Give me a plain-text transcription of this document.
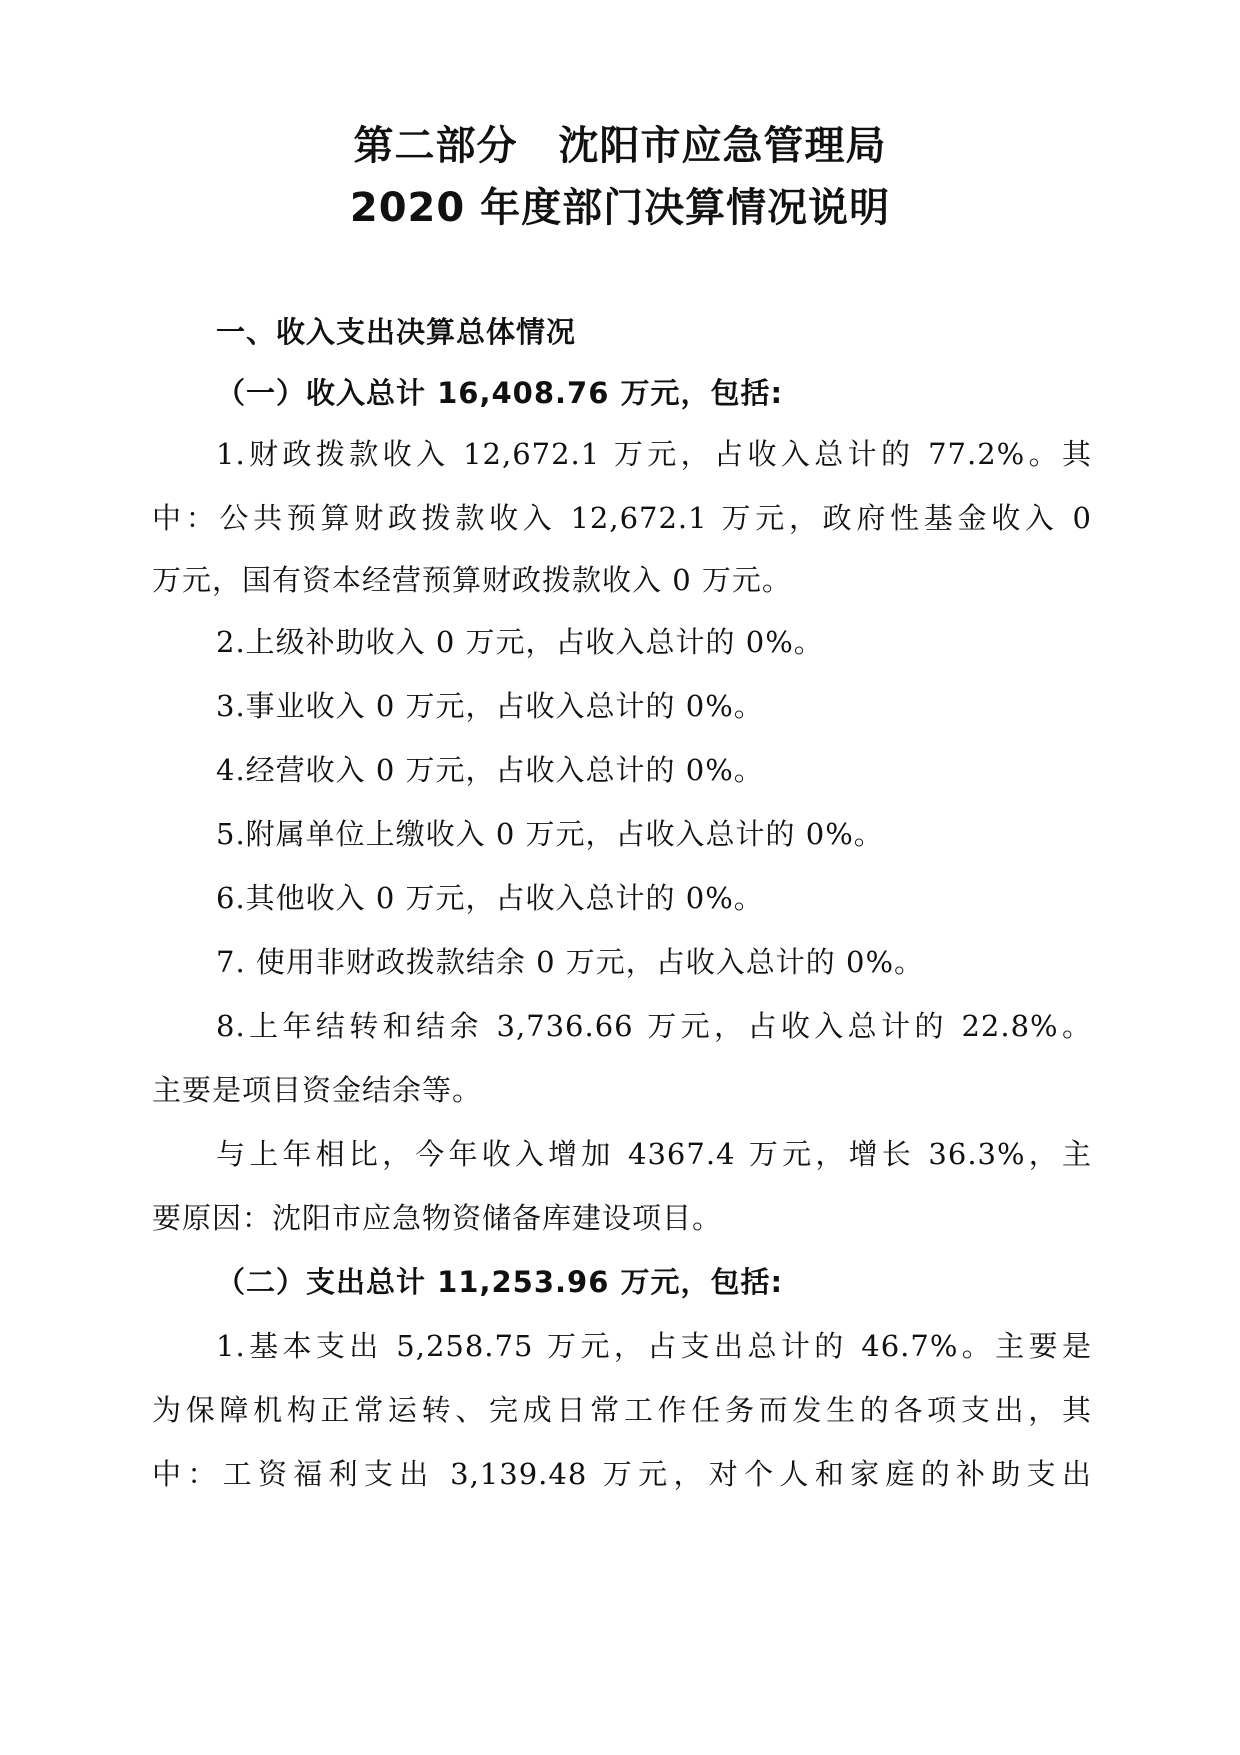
第二部分　沈阳市应急管理局
2020 年度部门决算情况说明
一、收入支出决算总体情况
（一）收入总计 16,408.76 万元，包括:
1.财政拨款收入 12,672.1 万元，占收入总计的 77.2%。其
中：公共预算财政拨款收入 12,672.1 万元，政府性基金收入 0
万元，国有资本经营预算财政拨款收入 0 万元。
2.上级补助收入 0 万元，占收入总计的 0%。
3.事业收入 0 万元，占收入总计的 0%。
4.经营收入 0 万元，占收入总计的 0%。
5.附属单位上缴收入 0 万元，占收入总计的 0%。
6.其他收入 0 万元，占收入总计的 0%。
7. 使用非财政拨款结余 0 万元，占收入总计的 0%。
8.上年结转和结余 3,736.66 万元，占收入总计的 22.8%。
主要是项目资金结余等。
与上年相比，今年收入增加 4367.4 万元，增长 36.3%，主
要原因：沈阳市应急物资储备库建设项目。
（二）支出总计 11,253.96 万元，包括:
1.基本支出 5,258.75 万元，占支出总计的 46.7%。主要是
为保障机构正常运转、完成日常工作任务而发生的各项支出，其
中：工资福利支出 3,139.48 万元，对个人和家庭的补助支出
